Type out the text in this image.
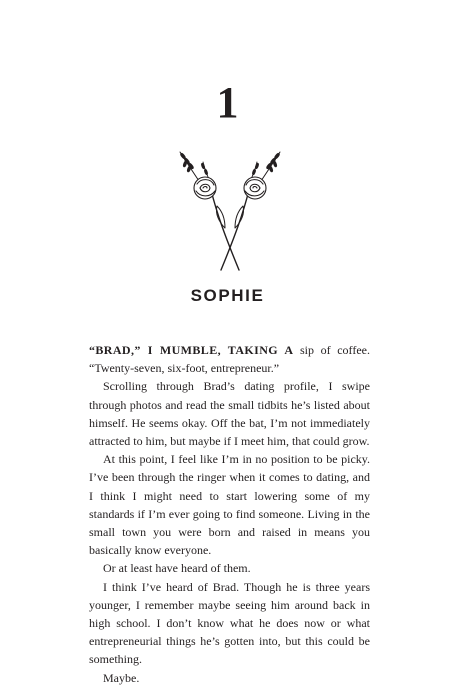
1
SOPHIE

“BRAD,” I MUMBLE, TAKING A sip of coffee. “Twenty-seven, six-foot, entrepreneur.”

Scrolling through Brad’s dating profile, I swipe through photos and read the small tidbits he’s listed about himself. He seems okay. Off the bat, I’m not immediately attracted to him, but maybe if I meet him, that could grow.

At this point, I feel like I’m in no position to be picky. I’ve been through the ringer when it comes to dating, and I think I might need to start lowering some of my standards if I’m ever going to find someone. Living in the small town you were born and raised in means you basically know everyone.

Or at least have heard of them.

I think I’ve heard of Brad. Though he is three years younger, I remember maybe seeing him around back in high school. I don’t know what he does now or what entrepreneurial things he’s gotten into, but this could be something.

Maybe.
